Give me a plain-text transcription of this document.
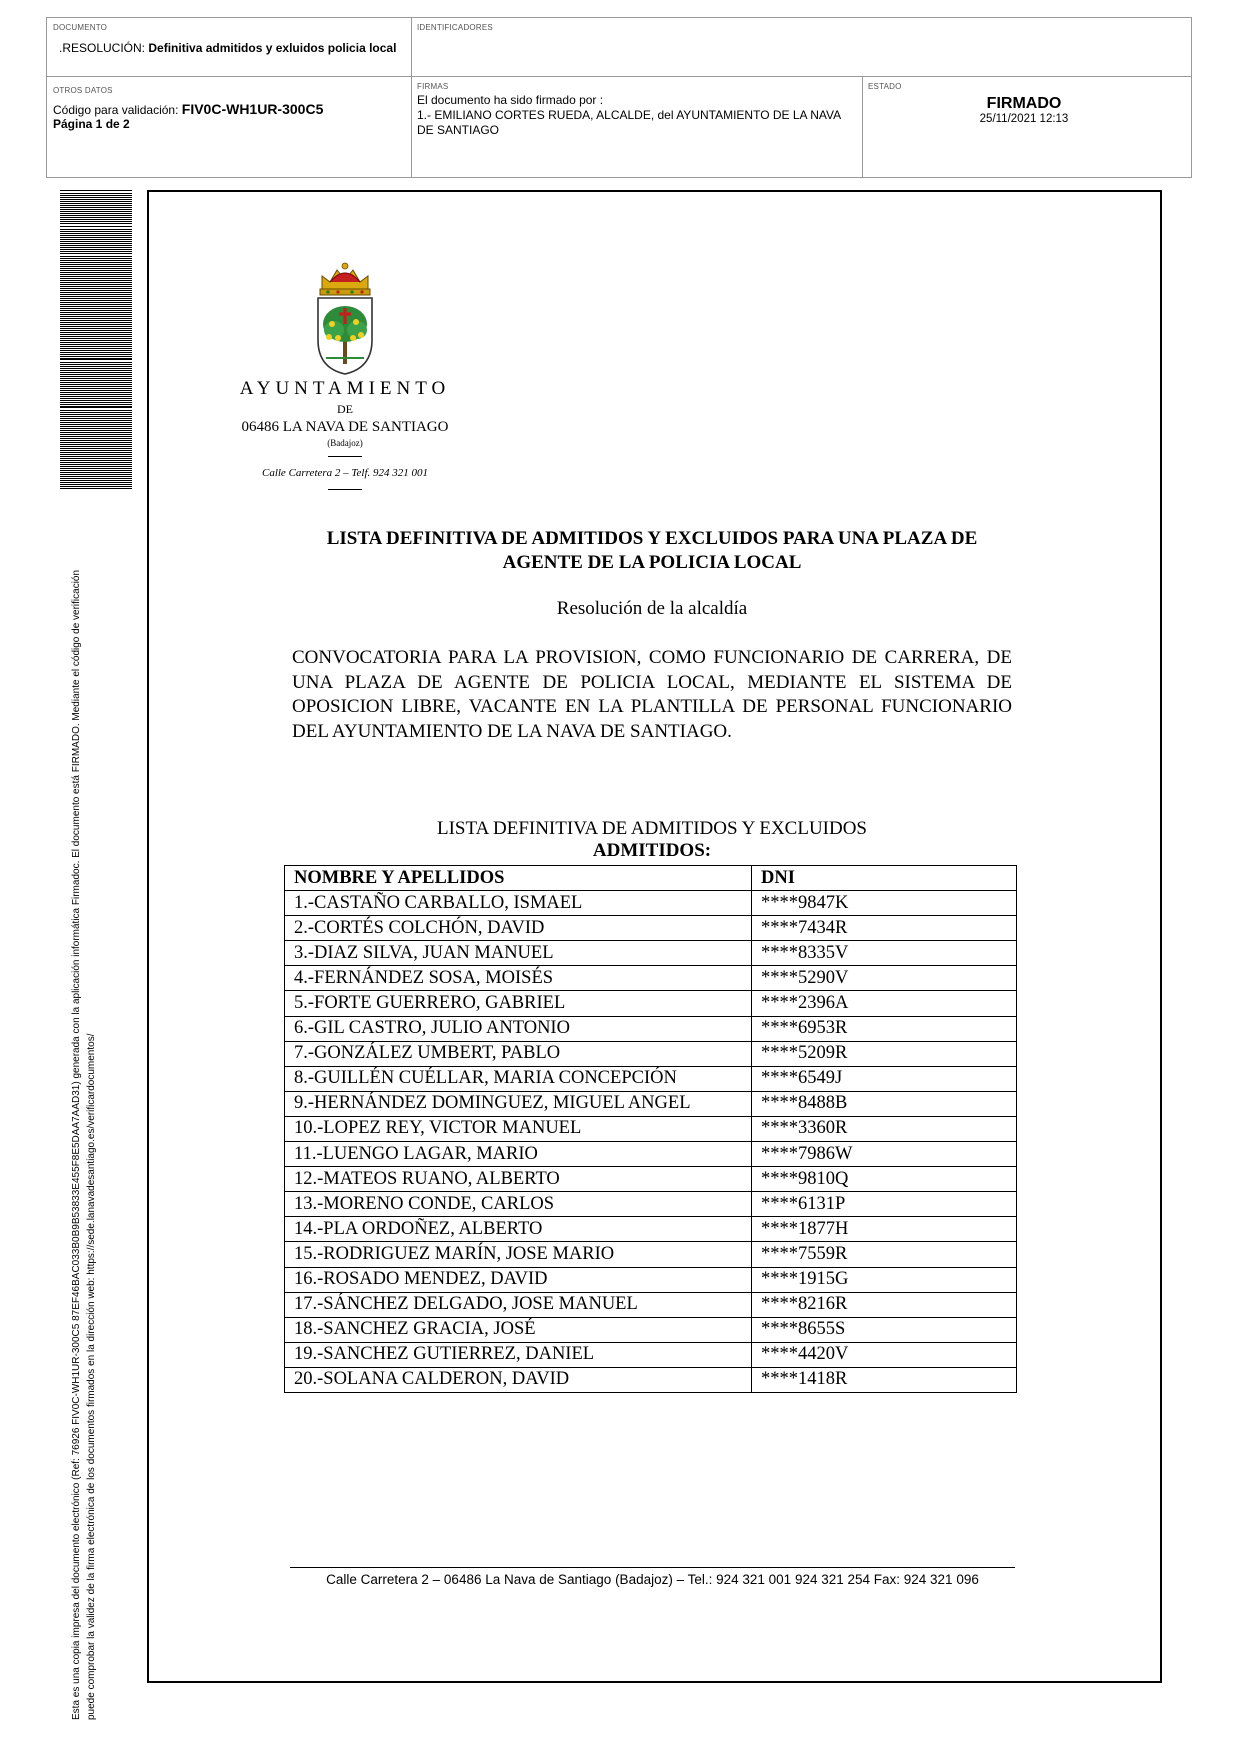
DOCUMENTO
.RESOLUCIÓN: Definitiva admitidos y exluidos policia local
IDENTIFICADORES
OTROS DATOS
Código para validación: FIV0C-WH1UR-300C5
Página 1 de 2
FIRMAS
El documento ha sido firmado por :
1.- EMILIANO CORTES RUEDA, ALCALDE, del AYUNTAMIENTO DE LA NAVA DE SANTIAGO
ESTADO
FIRMADO
25/11/2021 12:13
Esta es una copia impresa del documento electrónico (Ref: 76926 FIV0C-WH1UR-300C5 87EF46BAC033B0B9B53833E455F8E5DAA7AAD31) generada con la aplicación informática Firmadoc. El documento está FIRMADO. Mediante el código de verificación puede comprobar la validez de la firma electrónica de los documentos firmados en la dirección web: https://sede.lanavadesantiago.es/verificardocumentos/
AYUNTAMIENTO
DE
06486 LA NAVA DE SANTIAGO
(Badajoz)
Calle Carretera 2 – Telf. 924 321 001
LISTA DEFINITIVA DE ADMITIDOS Y EXCLUIDOS PARA UNA PLAZA DE
AGENTE DE LA POLICIA LOCAL
Resolución de la alcaldía
CONVOCATORIA PARA LA PROVISION, COMO FUNCIONARIO DE CARRERA, DE UNA PLAZA DE AGENTE DE POLICIA LOCAL, MEDIANTE EL SISTEMA DE OPOSICION LIBRE, VACANTE EN LA PLANTILLA DE PERSONAL FUNCIONARIO DEL AYUNTAMIENTO DE LA NAVA DE SANTIAGO.
LISTA DEFINITIVA DE ADMITIDOS Y EXCLUIDOS
ADMITIDOS:
NOMBRE Y APELLIDOS	DNI
1.-CASTAÑO CARBALLO, ISMAEL	****9847K
2.-CORTÉS COLCHÓN, DAVID	****7434R
3.-DIAZ SILVA, JUAN MANUEL	****8335V
4.-FERNÁNDEZ SOSA, MOISÉS	****5290V
5.-FORTE GUERRERO, GABRIEL	****2396A
6.-GIL CASTRO, JULIO ANTONIO	****6953R
7.-GONZÁLEZ UMBERT, PABLO	****5209R
8.-GUILLÉN CUÉLLAR, MARIA CONCEPCIÓN	****6549J
9.-HERNÁNDEZ DOMINGUEZ, MIGUEL ANGEL	****8488B
10.-LOPEZ REY, VICTOR MANUEL	****3360R
11.-LUENGO LAGAR, MARIO	****7986W
12.-MATEOS RUANO, ALBERTO	****9810Q
13.-MORENO CONDE, CARLOS	****6131P
14.-PLA ORDOÑEZ, ALBERTO	****1877H
15.-RODRIGUEZ MARÍN, JOSE MARIO	****7559R
16.-ROSADO MENDEZ, DAVID	****1915G
17.-SÁNCHEZ DELGADO, JOSE MANUEL	****8216R
18.-SANCHEZ GRACIA, JOSÉ	****8655S
19.-SANCHEZ GUTIERREZ, DANIEL	****4420V
20.-SOLANA CALDERON, DAVID	****1418R
Calle Carretera 2 – 06486 La Nava de Santiago (Badajoz) – Tel.: 924 321 001 924 321 254 Fax: 924 321 096
